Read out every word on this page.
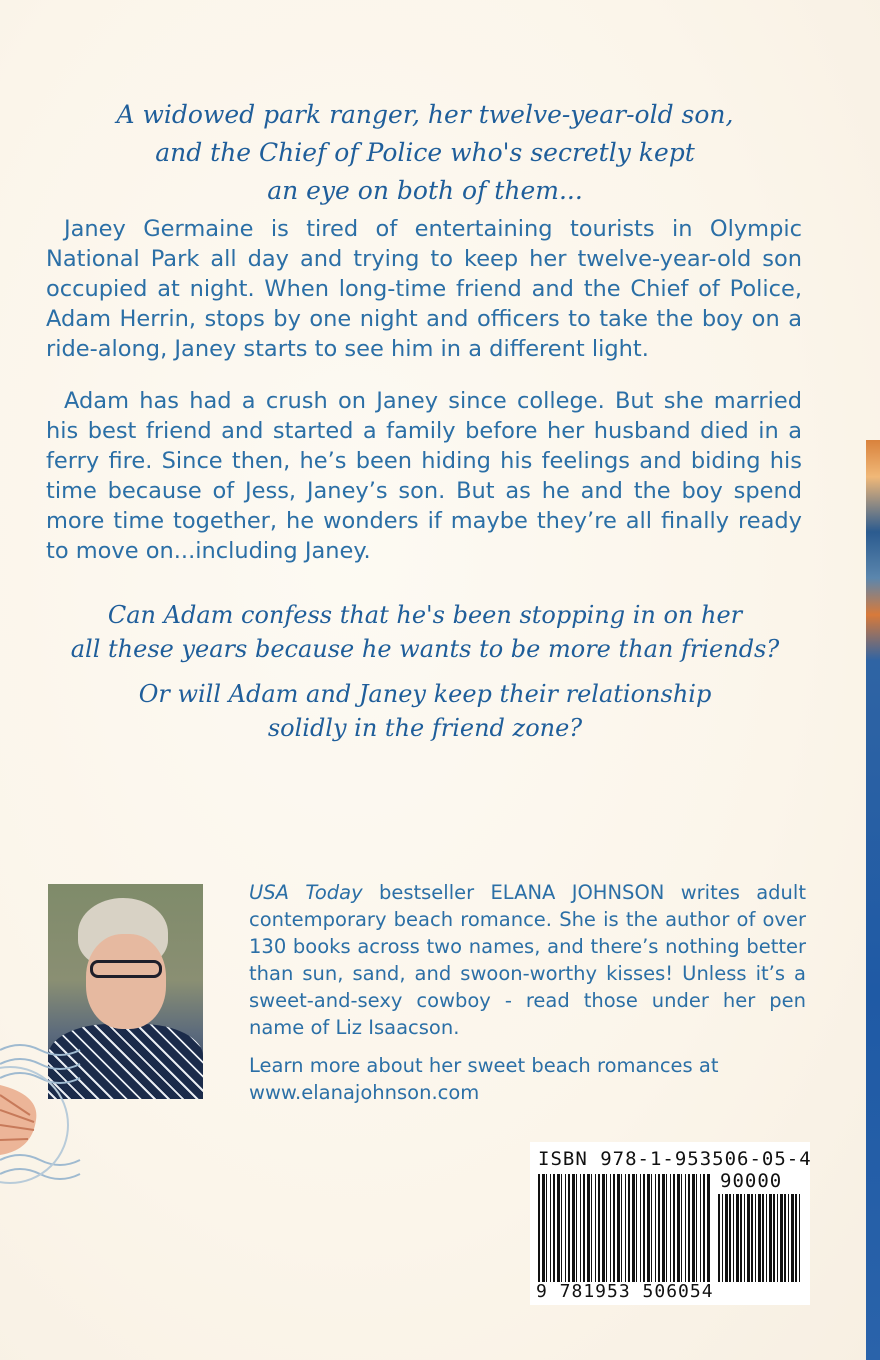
A widowed park ranger, her twelve-year-old son,
and the Chief of Police who's secretly kept
an eye on both of them...

Janey Germaine is tired of entertaining tourists in Olympic National Park all day and trying to keep her twelve-year-old son occupied at night. When long-time friend and the Chief of Police, Adam Herrin, stops by one night and officers to take the boy on a ride-along, Janey starts to see him in a different light.

Adam has had a crush on Janey since college. But she married his best friend and started a family before her husband died in a ferry fire. Since then, he’s been hiding his feelings and biding his time because of Jess, Janey’s son. But as he and the boy spend more time together, he wonders if maybe they’re all finally ready to move on...including Janey.

Can Adam confess that he's been stopping in on her
all these years because he wants to be more than friends?
Or will Adam and Janey keep their relationship
solidly in the friend zone?

USA Today bestseller ELANA JOHNSON writes adult contemporary beach romance. She is the author of over 130 books across two names, and there’s nothing better than sun, sand, and swoon-worthy kisses! Unless it’s a sweet-and-sexy cowboy - read those under her pen name of Liz Isaacson.

Learn more about her sweet beach romances at
www.elanajohnson.com

ISBN 978-1-953506-05-4
90000
9 781953 506054
